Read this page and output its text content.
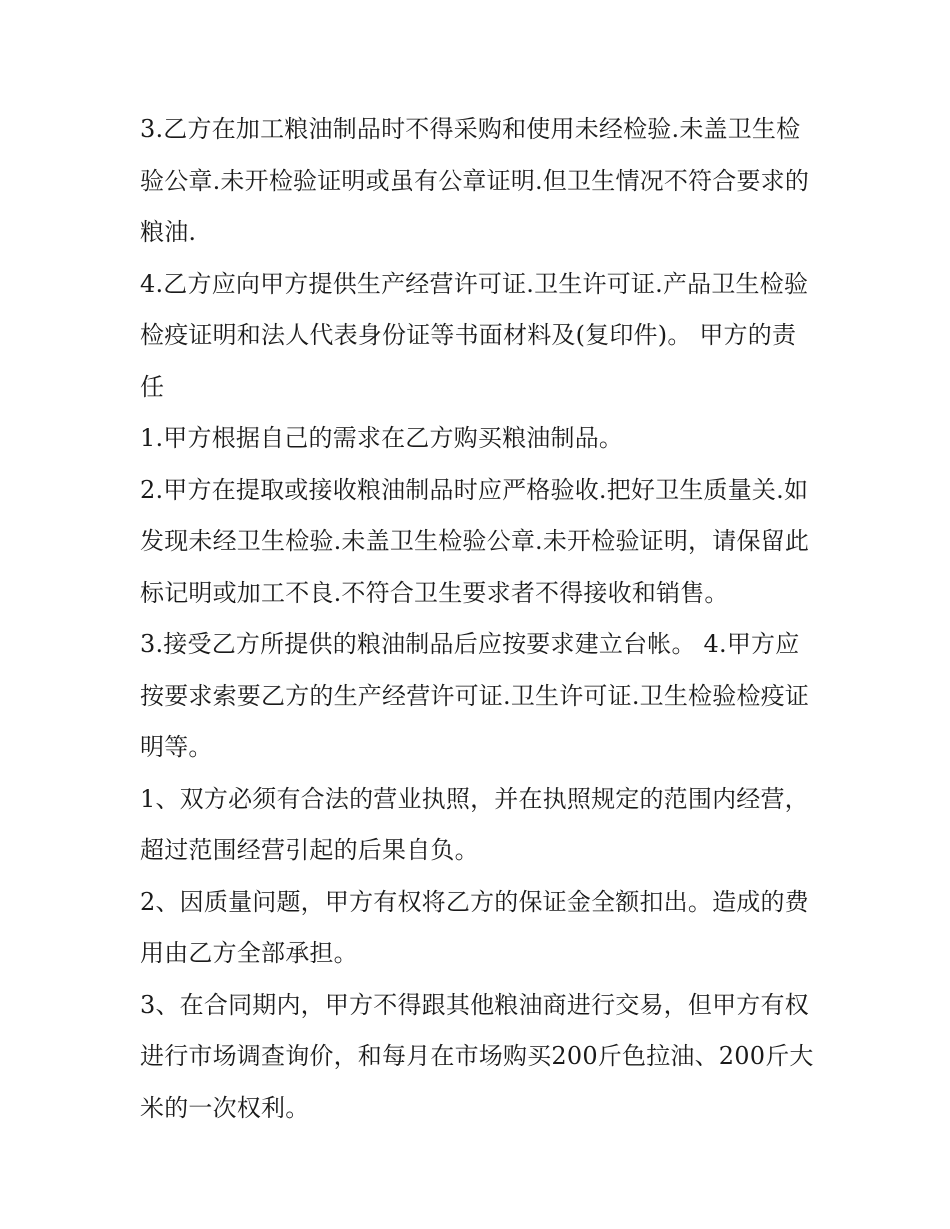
3.乙方在加工粮油制品时不得采购和使用未经检验.未盖卫生检验公章.未开检验证明或虽有公章证明.但卫生情况不符合要求的粮油.

4.乙方应向甲方提供生产经营许可证.卫生许可证.产品卫生检验检疫证明和法人代表身份证等书面材料及(复印件)。 甲方的责任

1.甲方根据自己的需求在乙方购买粮油制品。

2.甲方在提取或接收粮油制品时应严格验收.把好卫生质量关.如发现未经卫生检验.未盖卫生检验公章.未开检验证明，请保留此标记明或加工不良.不符合卫生要求者不得接收和销售。

3.接受乙方所提供的粮油制品后应按要求建立台帐。 4.甲方应按要求索要乙方的生产经营许可证.卫生许可证.卫生检验检疫证明等。

1、双方必须有合法的营业执照，并在执照规定的范围内经营，超过范围经营引起的后果自负。

2、因质量问题，甲方有权将乙方的保证金全额扣出。造成的费用由乙方全部承担。

3、在合同期内，甲方不得跟其他粮油商进行交易，但甲方有权进行市场调查询价，和每月在市场购买200斤色拉油、200斤大米的一次权利。
